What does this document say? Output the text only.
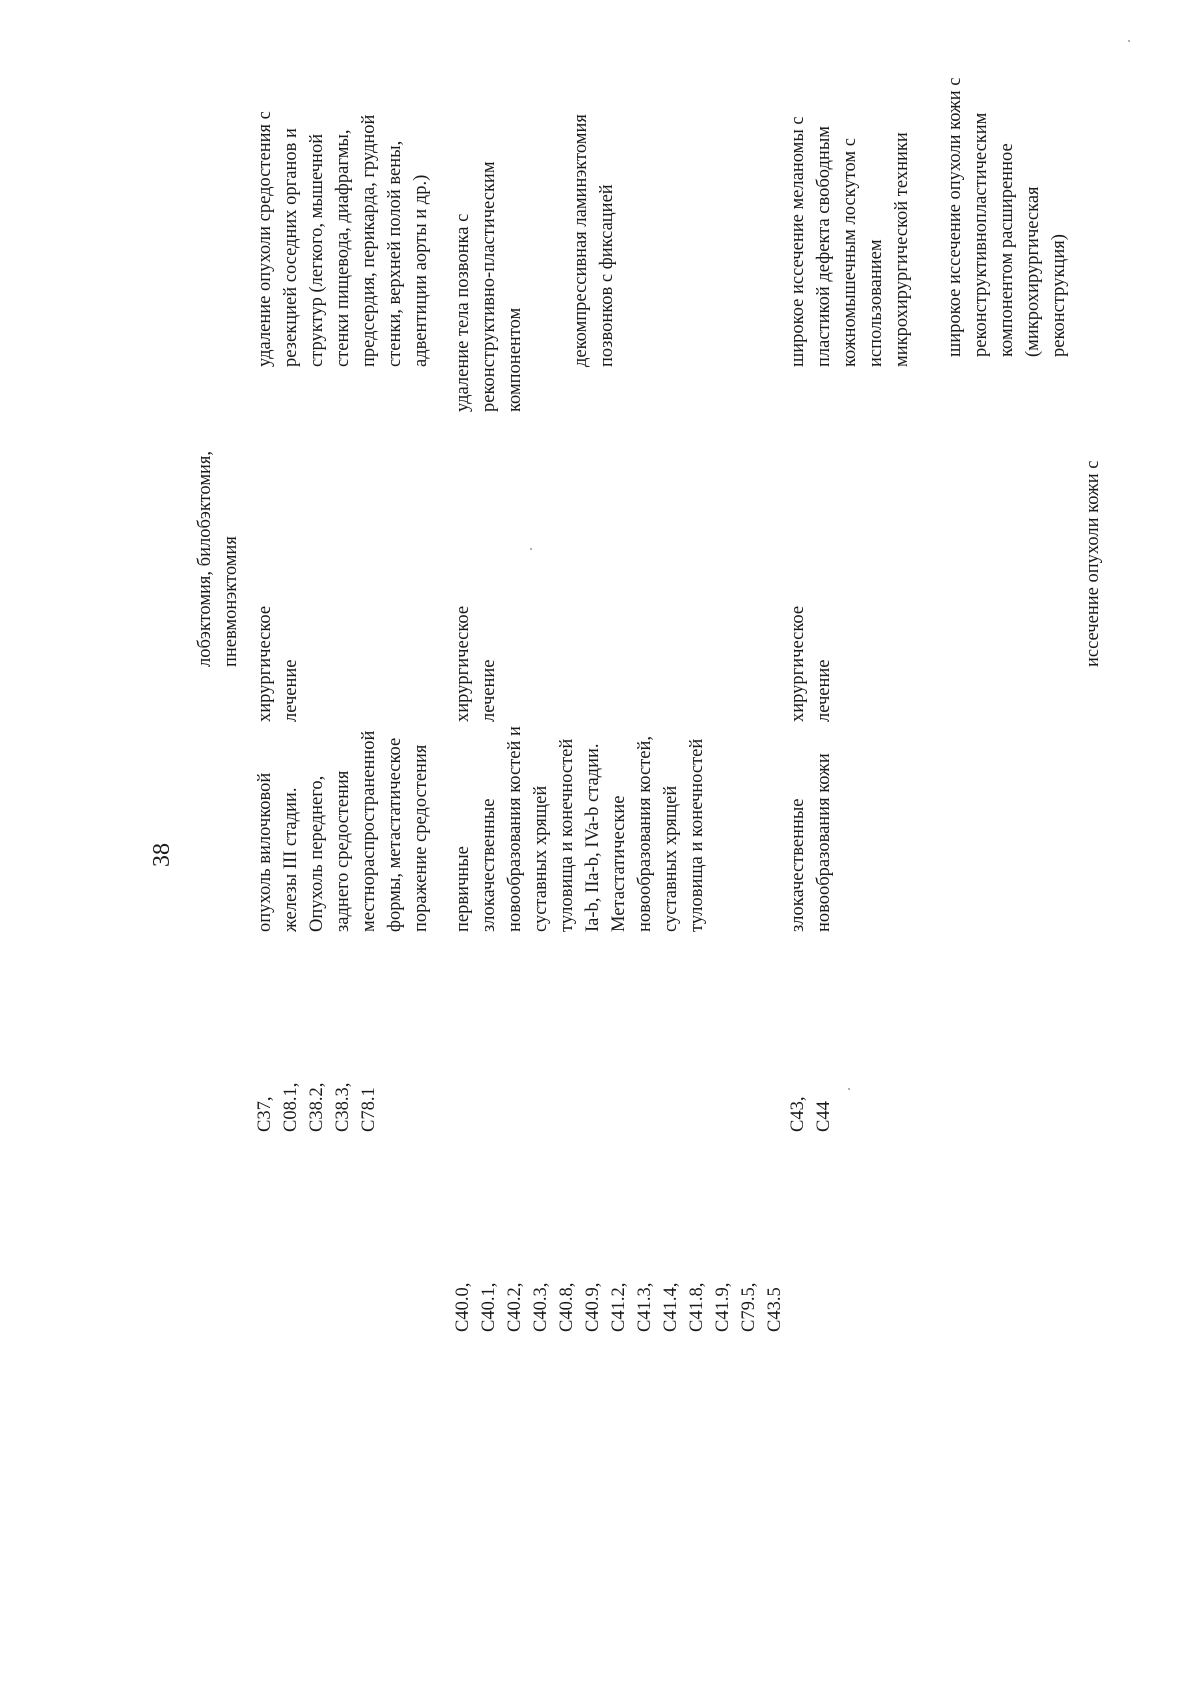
38
лобэктомия, билобэктомия,
пневмонэктомия
C37,
C08.1,
C38.2,
C38.3,
C78.1
опухоль вилочковой
железы III стадии.
Опухоль переднего,
заднего средостения
местнораспространенной
формы, метастатическое
поражение средостения
хирургическое
лечение
удаление опухоли средостения с
резекцией соседних органов и
структур (легкого, мышечной
стенки пищевода, диафрагмы,
предсердия, перикарда, грудной
стенки, верхней полой вены,
адвентиции аорты и др.)
C40.0,
C40.1,
C40.2,
C40.3,
C40.8,
C40.9,
C41.2,
C41.3,
C41.4,
C41.8,
C41.9,
C79.5,
C43.5
первичные
злокачественные
новообразования костей и
суставных хрящей
туловища и конечностей
Ia-b, IIa-b, IVa-b стадии.
Метастатические
новообразования костей,
суставных хрящей
туловища и конечностей
хирургическое
лечение
удаление тела позвонка с
реконструктивно-пластическим
компонентом декомпрессивная ламинэктомия
позвонков с фиксацией
C43,
C44
злокачественные
новообразования кожи
хирургическое
лечение
широкое иссечение меланомы с
пластикой дефекта свободным
кожномышечным лоскутом с
использованием
микрохирургической техники
широкое иссечение опухоли кожи с
реконструктивнопластическим
компонентом расширенное
(микрохирургическая
реконструкция)
иссечение опухоли кожи с
